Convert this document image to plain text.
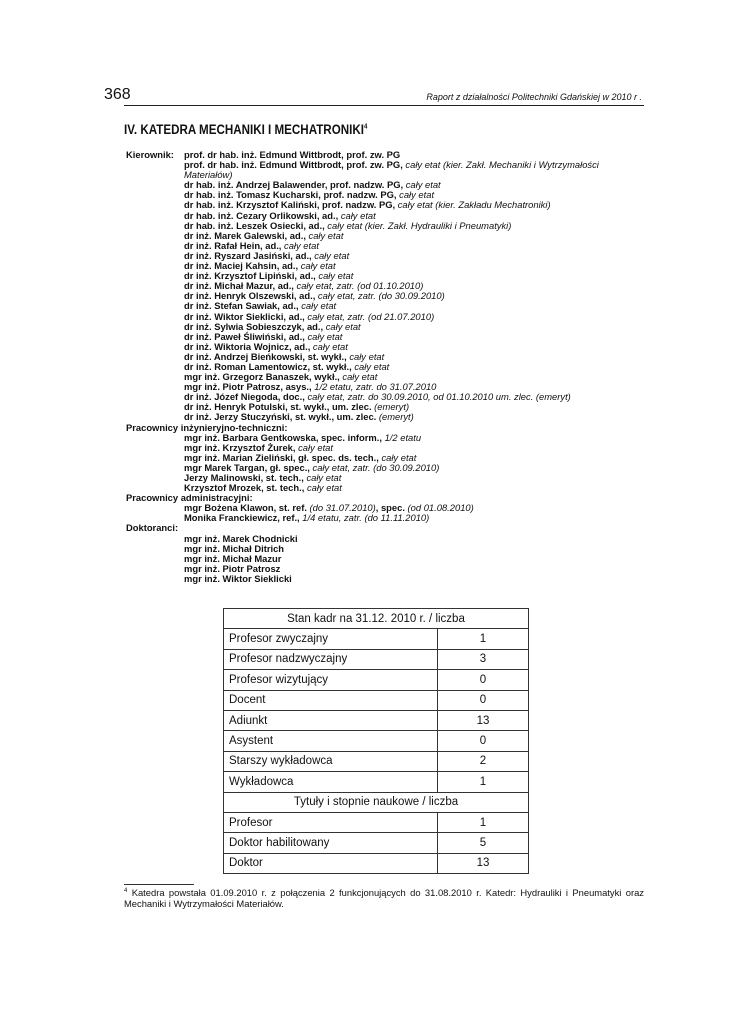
368	Raport z działalności Politechniki Gdańskiej w 2010 r .
IV. KATEDRA MECHANIKI I MECHATRONIKI$^4$
Kierownik: prof. dr hab. inż. Edmund Wittbrodt, prof. zw. PG
prof. dr hab. inż. Edmund Wittbrodt, prof. zw. PG, cały etat (kier. Zakł. Mechaniki i Wytrzymałości Materiałów)
dr hab. inż. Andrzej Balawender, prof. nadzw. PG, cały etat
dr hab. inż. Tomasz Kucharski, prof. nadzw. PG, cały etat
dr hab. inż. Krzysztof Kaliński, prof. nadzw. PG, cały etat (kier. Zakładu Mechatroniki)
dr hab. inż. Cezary Orlikowski, ad., cały etat
dr hab. inż. Leszek Osiecki, ad., cały etat (kier. Zakł. Hydrauliki i Pneumatyki)
dr inż. Marek Galewski, ad., cały etat
dr inż. Rafał Hein, ad., cały etat
dr inż. Ryszard Jasiński, ad., cały etat
dr inż. Maciej Kahsin, ad., cały etat
dr inż. Krzysztof Lipiński, ad., cały etat
dr inż. Michał Mazur, ad., cały etat, zatr. (od 01.10.2010)
dr inż. Henryk Olszewski, ad., cały etat, zatr. (do 30.09.2010)
dr inż. Stefan Sawiak, ad., cały etat
dr inż. Wiktor Sieklicki, ad., cały etat, zatr. (od 21.07.2010)
dr inż. Sylwia Sobieszczyk, ad., cały etat
dr inż. Paweł Śliwiński, ad., cały etat
dr inż. Wiktoria Wojnicz, ad., cały etat
dr inż. Andrzej Bieńkowski, st. wykł., cały etat
dr inż. Roman Lamentowicz, st. wykł., cały etat
mgr inż. Grzegorz Banaszek, wykł., cały etat
mgr inż. Piotr Patrosz, asys., 1/2 etatu, zatr. do 31.07.2010
dr inż. Józef Niegoda, doc., cały etat, zatr. do 30.09.2010, od 01.10.2010 um. zlec. (emeryt)
dr inż. Henryk Potulski, st. wykł., um. zlec. (emeryt)
dr inż. Jerzy Stuczyński, st. wykł., um. zlec. (emeryt)
Pracownicy inżynieryjno-techniczni:
mgr inż. Barbara Gentkowska, spec. inform., 1/2 etatu
mgr inż. Krzysztof Żurek, cały etat
mgr inż. Marian Zieliński, gł. spec. ds. tech., cały etat
mgr Marek Targan, gł. spec., cały etat, zatr. (do 30.09.2010)
Jerzy Malinowski, st. tech., cały etat
Krzysztof Mrozek, st. tech., cały etat
Pracownicy administracyjni:
mgr Bożena Klawon, st. ref. (do 31.07.2010), spec. (od 01.08.2010)
Monika Franckiewicz, ref., 1/4 etatu, zatr. (do 11.11.2010)
Doktoranci:
mgr inż. Marek Chodnicki
mgr inż. Michał Ditrich
mgr inż. Michał Mazur
mgr inż. Piotr Patrosz
mgr inż. Wiktor Sieklicki
Stan kadr na 31.12. 2010 r. / liczba	
Profesor zwyczajny	1
Profesor nadzwyczajny	3
Profesor wizytujący	0
Docent	0
Adiunkt	13
Asystent	0
Starszy wykładowca	2
Wykładowca	1
Tytuły i stopnie naukowe / liczba	
Profesor	1
Doktor habilitowany	5
Doktor	13
$^4$ Katedra powstała 01.09.2010 r. z połączenia 2 funkcjonujących do 31.08.2010 r. Katedr: Hydrauliki i Pneumatyki oraz Mechaniki i Wytrzymałości Materiałów.
